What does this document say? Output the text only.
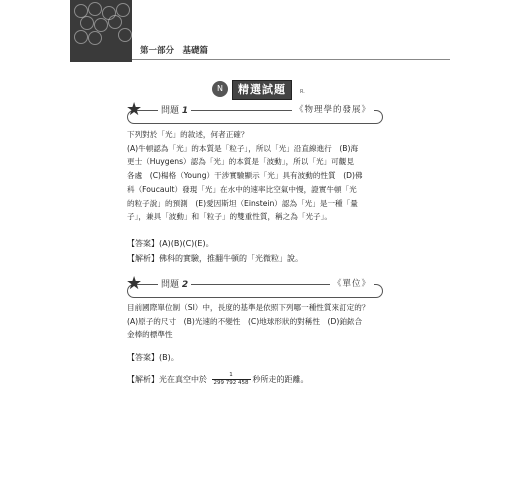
第一部分　基礎篇
N	精選試題	R.
★	問題 1	《物理學的發展》
下列對於「光」的敘述，何者正確？
(A)牛頓認為「光」的本質是「粒子」，所以「光」沿直線進行　(B)海
更士（Huygens）認為「光」的本質是「波動」，所以「光」可觀見
各處　(C)楊格（Young）干涉實驗顯示「光」具有波動的性質　(D)佛
科（Foucault）發現「光」在水中的速率比空氣中慢，證實牛頓「光
的粒子說」的預測　(E)愛因斯坦（Einstein）認為「光」是一種「量
子」，兼具「波動」和「粒子」的雙重性質，稱之為「光子」。
【答案】(A)(B)(C)(E)。
【解析】佛科的實驗，推翻牛頓的「光微粒」說。
★	問題 2	《單位》
目前國際單位制（SI）中，長度的基準是依照下列哪一種性質來訂定的？
(A)原子的尺寸　(B)光速的不變性　(C)地球形狀的對稱性　(D)鉑銥合
金棒的標準性
【答案】(B)。
【解析】光在真空中於 $\frac{1}{299 792 458}$ 秒所走的距離。
